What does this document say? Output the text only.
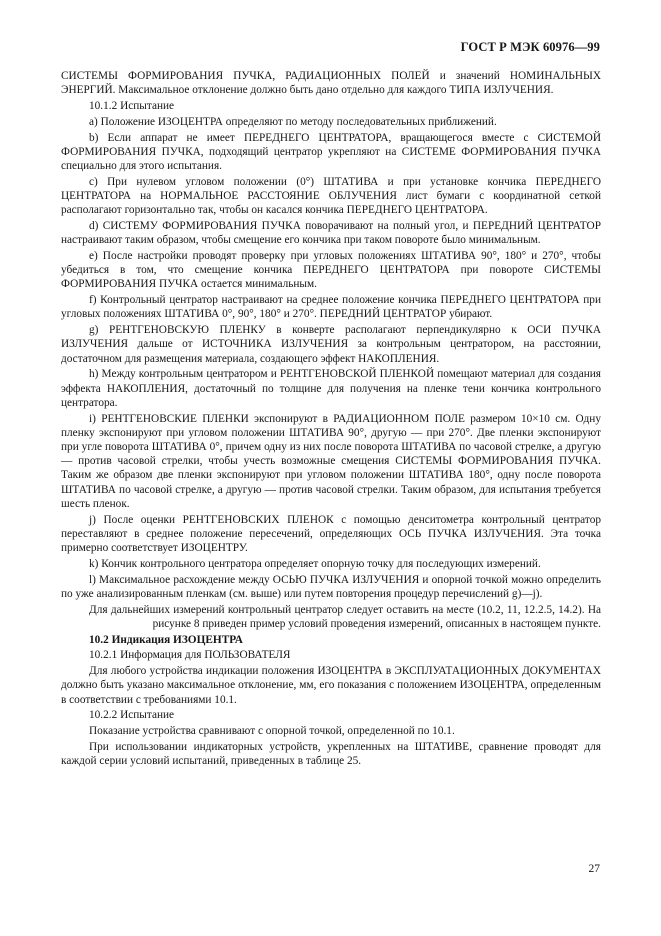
ГОСТ Р МЭК 60976—99

СИСТЕМЫ ФОРМИРОВАНИЯ ПУЧКА, РАДИАЦИОННЫХ ПОЛЕЙ и значений НОМИНАЛЬНЫХ ЭНЕРГИЙ. Максимальное отклонение должно быть дано отдельно для каждого ТИПА ИЗЛУЧЕНИЯ.

10.1.2 Испытание

а) Положение ИЗОЦЕНТРА определяют по методу последовательных приближений.

b) Если аппарат не имеет ПЕРЕДНЕГО ЦЕНТРАТОРА, вращающегося вместе с СИСТЕМОЙ ФОРМИРОВАНИЯ ПУЧКА, подходящий центратор укрепляют на СИСТЕМЕ ФОРМИРОВАНИЯ ПУЧКА специально для этого испытания.

с) При нулевом угловом положении (0°) ШТАТИВА и при установке кончика ПЕРЕДНЕГО ЦЕНТРАТОРА на НОРМАЛЬНОЕ РАССТОЯНИЕ ОБЛУЧЕНИЯ лист бумаги с координатной сеткой располагают горизонтально так, чтобы он касался кончика ПЕРЕДНЕГО ЦЕНТРАТОРА.

d) СИСТЕМУ ФОРМИРОВАНИЯ ПУЧКА поворачивают на полный угол, и ПЕРЕДНИЙ ЦЕНТРАТОР настраивают таким образом, чтобы смещение его кончика при таком повороте было минимальным.

е) После настройки проводят проверку при угловых положениях ШТАТИВА 90°, 180° и 270°, чтобы убедиться в том, что смещение кончика ПЕРЕДНЕГО ЦЕНТРАТОРА при повороте СИСТЕМЫ ФОРМИРОВАНИЯ ПУЧКА остается минимальным.

f) Контрольный центратор настраивают на среднее положение кончика ПЕРЕДНЕГО ЦЕНТРАТОРА при угловых положениях ШТАТИВА 0°, 90°, 180° и 270°. ПЕРЕДНИЙ ЦЕНТРАТОР убирают.

g) РЕНТГЕНОВСКУЮ ПЛЕНКУ в конверте располагают перпендикулярно к ОСИ ПУЧКА ИЗЛУЧЕНИЯ дальше от ИСТОЧНИКА ИЗЛУЧЕНИЯ за контрольным центратором, на расстоянии, достаточном для размещения материала, создающего эффект НАКОПЛЕНИЯ.

h) Между контрольным центратором и РЕНТГЕНОВСКОЙ ПЛЕНКОЙ помещают материал для создания эффекта НАКОПЛЕНИЯ, достаточный по толщине для получения на пленке тени кончика контрольного центратора.

i) РЕНТГЕНОВСКИЕ ПЛЕНКИ экспонируют в РАДИАЦИОННОМ ПОЛЕ размером 10×10 см. Одну пленку экспонируют при угловом положении ШТАТИВА 90°, другую — при 270°. Две пленки экспонируют при угле поворота ШТАТИВА 0°, причем одну из них после поворота ШТАТИВА по часовой стрелке, а другую — против часовой стрелки, чтобы учесть возможные смещения СИСТЕМЫ ФОРМИРОВАНИЯ ПУЧКА. Таким же образом две пленки экспонируют при угловом положении ШТАТИВА 180°, одну после поворота ШТАТИВА по часовой стрелке, а другую — против часовой стрелки. Таким образом, для испытания требуется шесть пленок.

j) После оценки РЕНТГЕНОВСКИХ ПЛЕНОК с помощью денситометра контрольный центратор переставляют в среднее положение пересечений, определяющих ОСЬ ПУЧКА ИЗЛУЧЕНИЯ. Эта точка примерно соответствует ИЗОЦЕНТРУ.

k) Кончик контрольного центратора определяет опорную точку для последующих измерений.

l) Максимальное расхождение между ОСЬЮ ПУЧКА ИЗЛУЧЕНИЯ и опорной точкой можно определить по уже анализированным пленкам (см. выше) или путем повторения процедур перечислений g)—j).

Для дальнейших измерений контрольный центратор следует оставить на месте (10.2, 11, 12.2.5, 14.2). На рисунке 8 приведен пример условий проведения измерений, описанных в настоящем пункте.

10.2 Индикация ИЗОЦЕНТРА

10.2.1 Информация для ПОЛЬЗОВАТЕЛЯ

Для любого устройства индикации положения ИЗОЦЕНТРА в ЭКСПЛУАТАЦИОННЫХ ДОКУМЕНТАХ должно быть указано максимальное отклонение, мм, его показания с положением ИЗОЦЕНТРА, определенным в соответствии с требованиями 10.1.

10.2.2 Испытание

Показание устройства сравнивают с опорной точкой, определенной по 10.1.

При использовании индикаторных устройств, укрепленных на ШТАТИВЕ, сравнение проводят для каждой серии условий испытаний, приведенных в таблице 25.

27
